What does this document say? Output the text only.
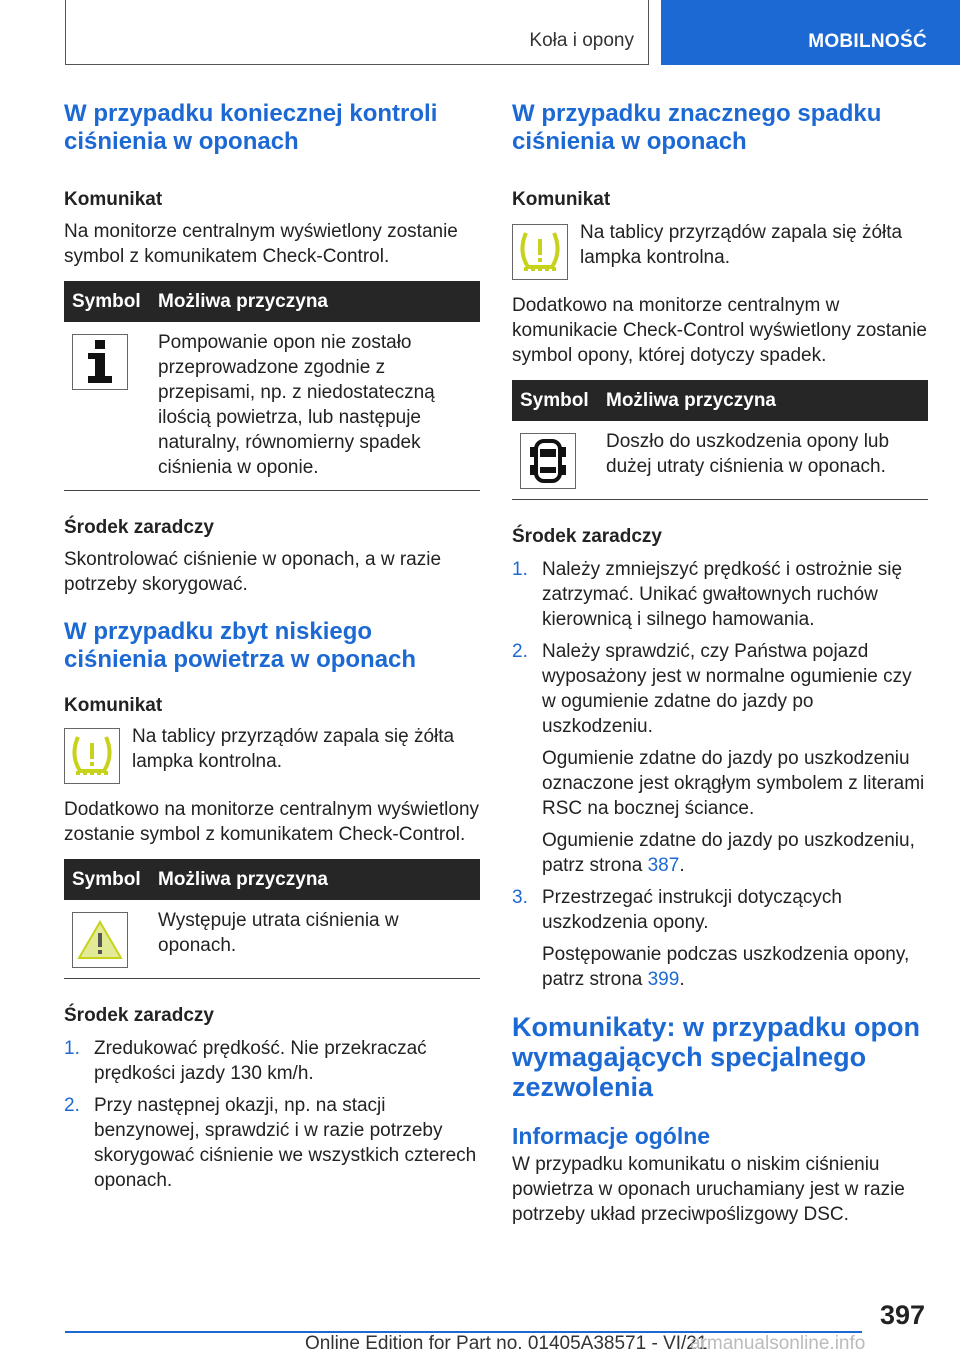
Koła i opony	MOBILNOŚĆ
W przypadku koniecznej kontroli ciśnienia w oponach
Komunikat

Na monitorze centralnym wyświetlony zostanie symbol z komunikatem Check-Control.

Symbol	Możliwa przyczyna

	Pompowanie opon nie zostało przeprowadzone zgodnie z przepisami, np. z niedostateczną ilością powietrza, lub następuje naturalny, równomierny spadek ciśnienia w oponie.
Środek zaradczy

Skontrolować ciśnienie w oponach, a w razie potrzeby skorygować.

W przypadku zbyt niskiego ciśnienia powietrza w oponach
Komunikat
Na tablicy przyrządów zapala się żółta lampka kontrolna.

Dodatkowo na monitorze centralnym wyświetlony zostanie symbol z komunikatem Check-Control.

Symbol	Możliwa przyczyna

	Występuje utrata ciśnienia w oponach.
Środek zaradczy
1. Zredukować prędkość. Nie przekraczać prędkości jazdy 130 km/h.
2. Przy następnej okazji, np. na stacji benzynowej, sprawdzić i w razie potrzeby skorygować ciśnienie we wszystkich czterech oponach.
W przypadku znacznego spadku ciśnienia w oponach
Komunikat
Na tablicy przyrządów zapala się żółta lampka kontrolna.

Dodatkowo na monitorze centralnym w komunikacie Check-Control wyświetlony zostanie symbol opony, której dotyczy spadek.

Symbol	Możliwa przyczyna

	Doszło do uszkodzenia opony lub dużej utraty ciśnienia w oponach.
Środek zaradczy
1. Należy zmniejszyć prędkość i ostrożnie się zatrzymać. Unikać gwałtownych ruchów kierownicą i silnego hamowania.
2. Należy sprawdzić, czy Państwa pojazd wyposażony jest w normalne ogumienie czy w ogumienie zdatne do jazdy po uszkodzeniu.
Ogumienie zdatne do jazdy po uszkodzeniu oznaczone jest okrągłym symbolem z literami RSC na bocznej ściance.
Ogumienie zdatne do jazdy po uszkodzeniu, patrz strona 387.
3. Przestrzegać instrukcji dotyczących uszkodzenia opony.
Postępowanie podczas uszkodzenia opony, patrz strona 399.
Komunikaty: w przypadku opon wymagających specjalnego zezwolenia
Informacje ogólne

W przypadku komunikatu o niskim ciśnieniu powietrza w oponach uruchamiany jest w razie potrzeby układ przeciwpoślizgowy DSC.

397
Online Edition for Part no. 01405A38571 - VI/21
armanualsonline.info
